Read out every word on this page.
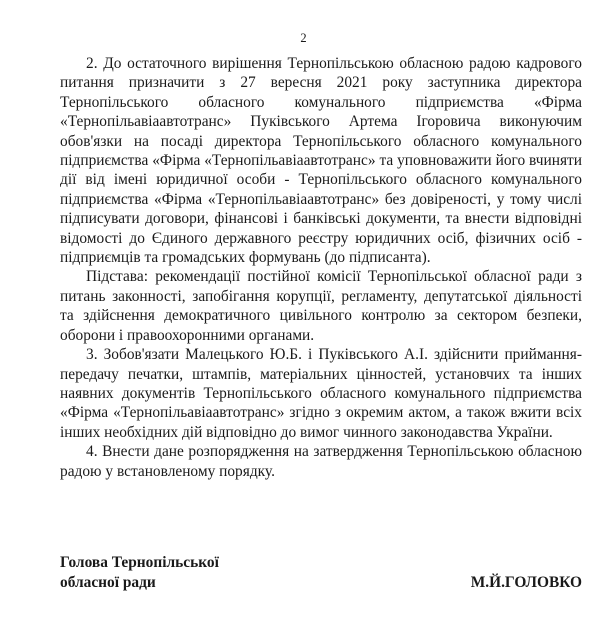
2

2. До остаточного вирішення Тернопільською обласною радою кадрового питання призначити з 27 вересня 2021 року заступника директора Тернопільського обласного комунального підприємства «Фірма «Тернопільавіаавтотранс» Пуківського Артема Ігоровича виконуючим обов'язки на посаді директора Тернопільського обласного комунального підприємства «Фірма «Тернопільавіаавтотранс» та уповноважити його вчиняти дії від імені юридичної особи - Тернопільського обласного комунального підприємства «Фірма «Тернопільавіаавтотранс» без довіреності, у тому числі підписувати договори, фінансові і банківські документи, та внести відповідні відомості до Єдиного державного реєстру юридичних осіб, фізичних осіб - підприємців та громадських формувань (до підписанта).

Підстава: рекомендації постійної комісії Тернопільської обласної ради з питань законності, запобігання корупції, регламенту, депутатської діяльності та здійснення демократичного цивільного контролю за сектором безпеки, оборони і правоохоронними органами.

3. Зобов'язати Малецького Ю.Б. і Пуківського А.І. здійснити приймання-передачу печатки, штампів, матеріальних цінностей, установчих та інших наявних документів Тернопільського обласного комунального підприємства «Фірма «Тернопільавіаавтотранс» згідно з окремим актом, а також вжити всіх інших необхідних дій відповідно до вимог чинного законодавства України.

4. Внести дане розпорядження на затвердження Тернопільською обласною радою у встановленому порядку.

Голова Тернопільської
обласної ради	М.Й.ГОЛОВКО
